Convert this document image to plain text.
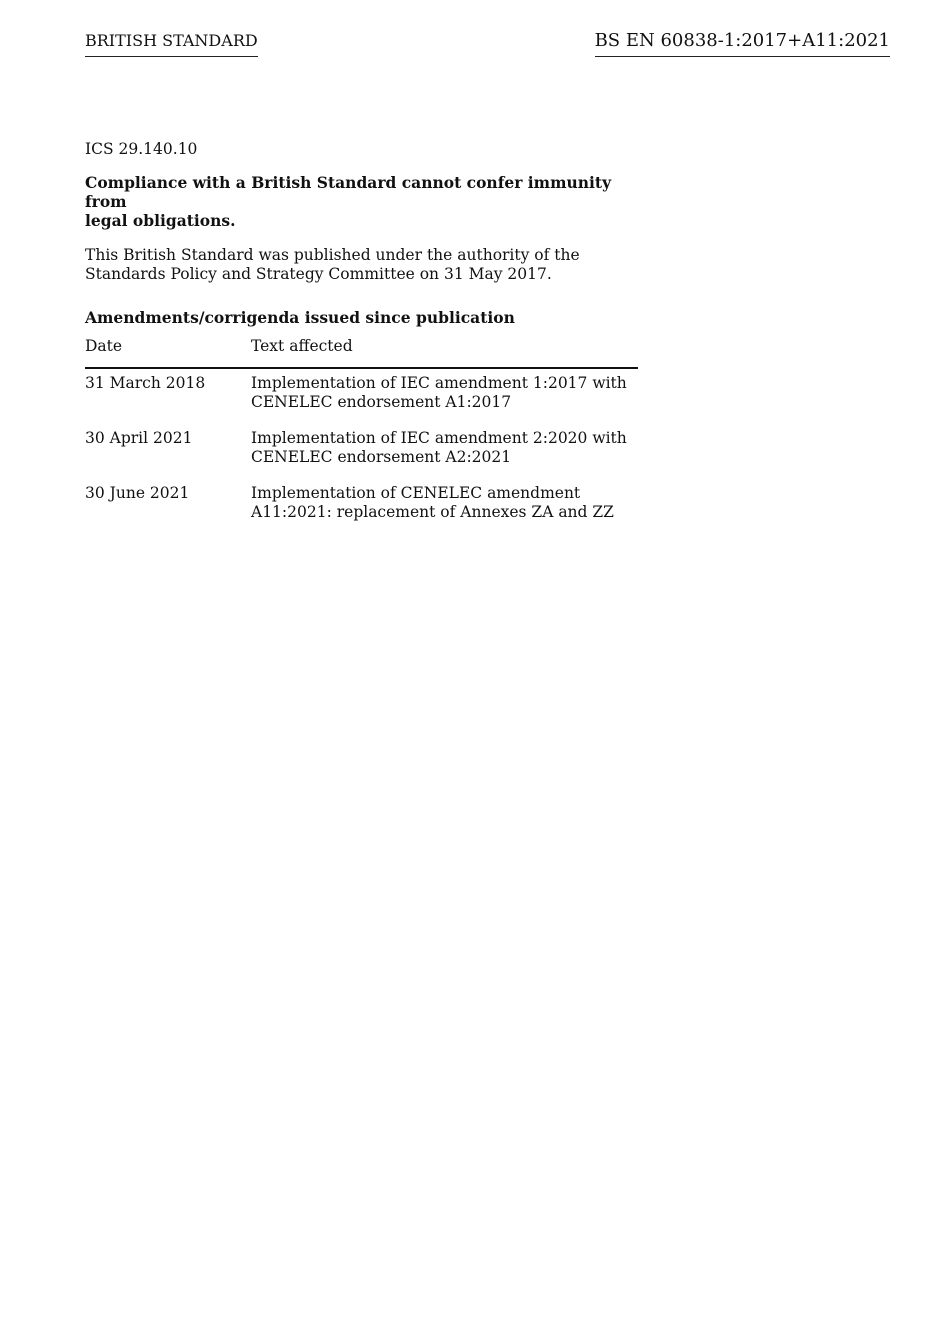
BRITISH STANDARD	BS EN 60838-1:2017+A11:2021

ICS 29.140.10

Compliance with a British Standard cannot confer immunity from
legal obligations.

This British Standard was published under the authority of the
Standards Policy and Strategy Committee on 31 May 2017.

Amendments/corrigenda issued since publication

Date	Text affected
31 March 2018	Implementation of IEC amendment 1:2017 with
CENELEC endorsement A1:2017
30 April 2021	Implementation of IEC amendment 2:2020 with
CENELEC endorsement A2:2021
30 June 2021	Implementation of CENELEC amendment
A11:2021: replacement of Annexes ZA and ZZ
